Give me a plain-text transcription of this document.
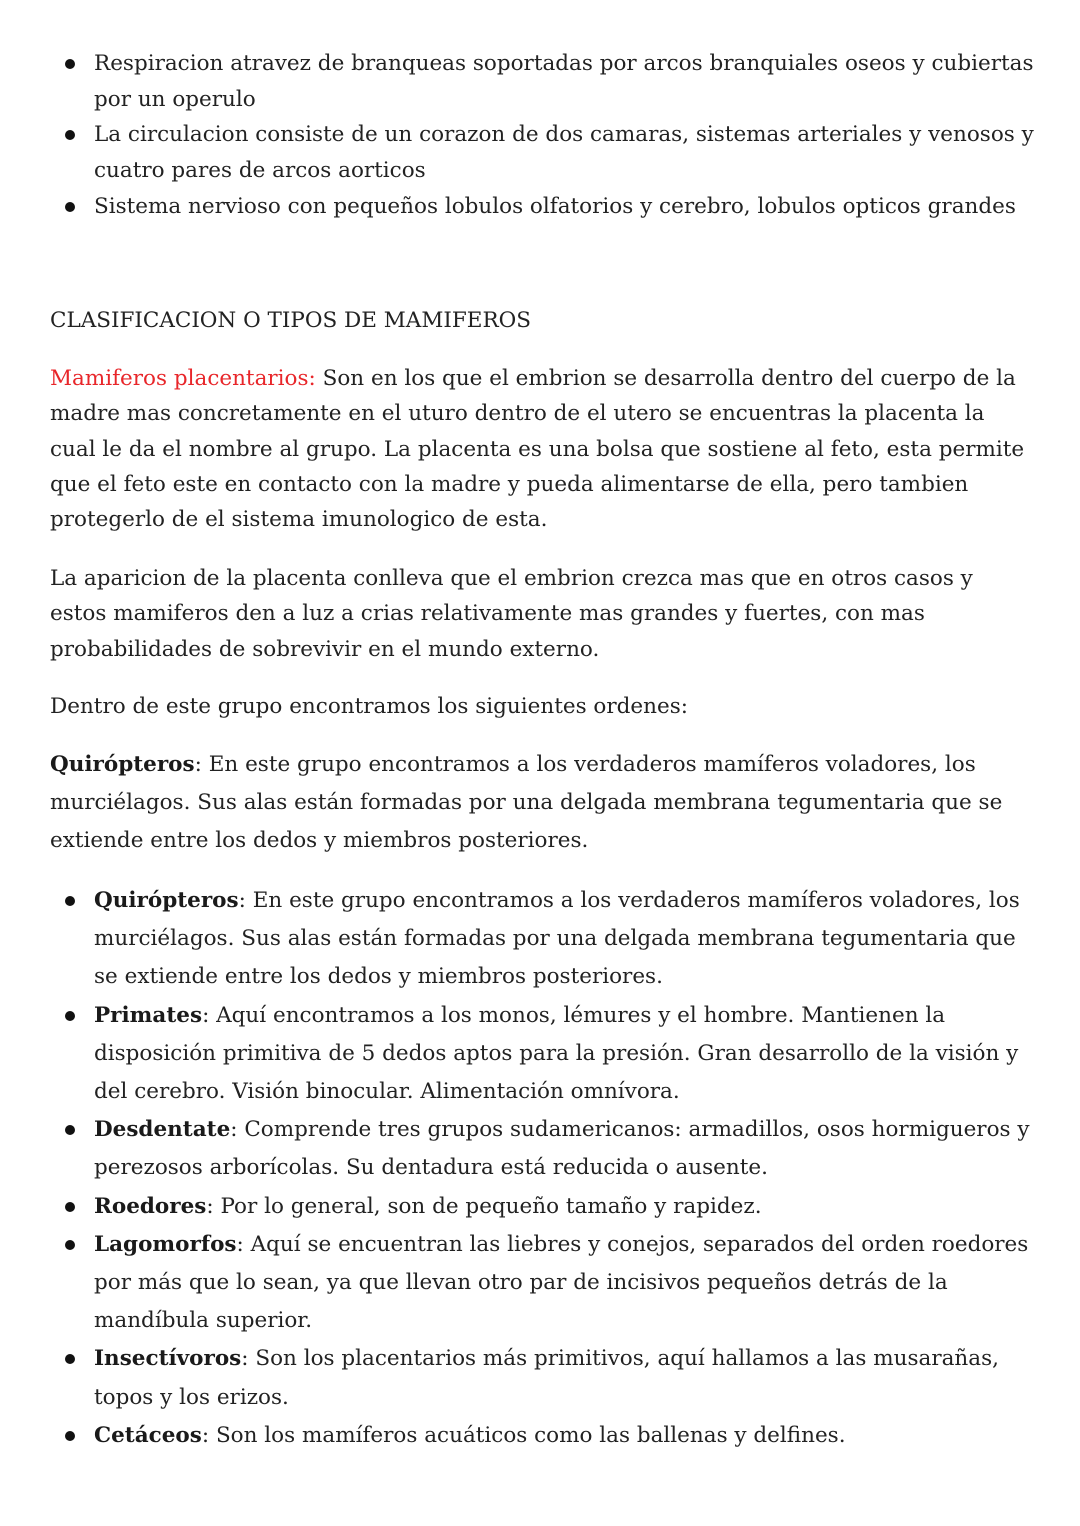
Respiracion atravez de branqueas soportadas por arcos branquiales oseos y cubiertas por un operulo
La circulacion consiste de un corazon de dos camaras, sistemas arteriales y venosos y cuatro pares de arcos aorticos
Sistema nervioso con pequeños lobulos olfatorios y cerebro, lobulos opticos grandes

CLASIFICACION O TIPOS DE MAMIFEROS

Mamiferos placentarios: Son en los que el embrion se desarrolla dentro del cuerpo de la madre mas concretamente en el uturo dentro de el utero se encuentras la placenta la cual le da el nombre al grupo. La placenta es una bolsa que sostiene al feto, esta permite que el feto este en contacto con la madre y pueda alimentarse de ella, pero tambien protegerlo de el sistema imunologico de esta.

La aparicion de la placenta conlleva que el embrion crezca mas que en otros casos y estos mamiferos den a luz a crias relativamente mas grandes y fuertes, con mas probabilidades de sobrevivir en el mundo externo.

Dentro de este grupo encontramos los siguientes ordenes:

Quirópteros: En este grupo encontramos a los verdaderos mamíferos voladores, los murciélagos. Sus alas están formadas por una delgada membrana tegumentaria que se extiende entre los dedos y miembros posteriores.

Quirópteros: En este grupo encontramos a los verdaderos mamíferos voladores, los murciélagos. Sus alas están formadas por una delgada membrana tegumentaria que se extiende entre los dedos y miembros posteriores.
Primates: Aquí encontramos a los monos, lémures y el hombre. Mantienen la disposición primitiva de 5 dedos aptos para la presión. Gran desarrollo de la visión y del cerebro. Visión binocular. Alimentación omnívora.
Desdentate: Comprende tres grupos sudamericanos: armadillos, osos hormigueros y perezosos arborícolas. Su dentadura está reducida o ausente.
Roedores: Por lo general, son de pequeño tamaño y rapidez.
Lagomorfos: Aquí se encuentran las liebres y conejos, separados del orden roedores por más que lo sean, ya que llevan otro par de incisivos pequeños detrás de la mandíbula superior.
Insectívoros: Son los placentarios más primitivos, aquí hallamos a las musarañas, topos y los erizos.
Cetáceos: Son los mamíferos acuáticos como las ballenas y delfines.
